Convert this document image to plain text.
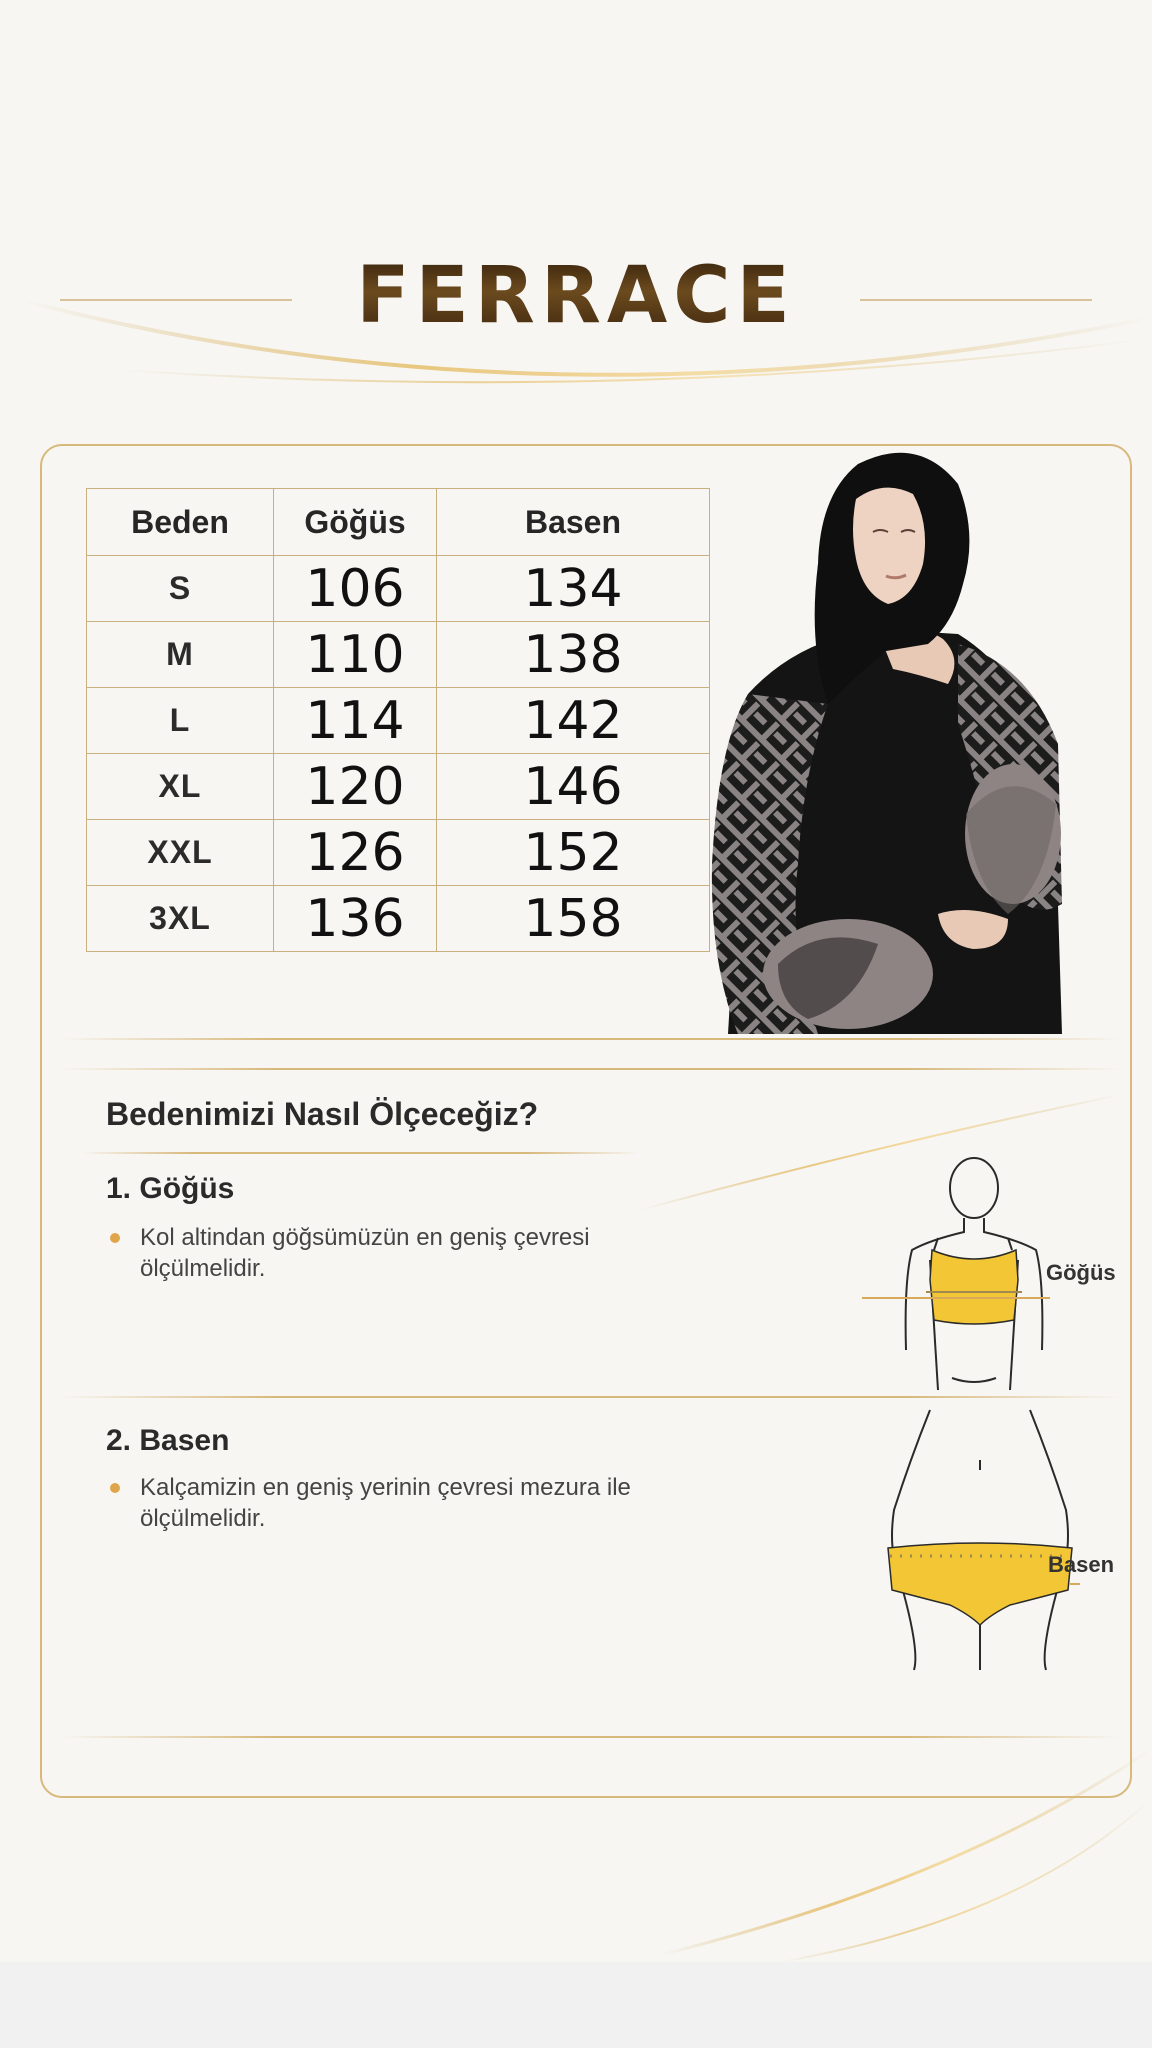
FERRACE
Beden	Göğüs	Basen
S	106	134
M	110	138
L	114	142
XL	120	146
XXL	126	152
3XL	136	158
Bedenimizi Nasıl Ölçeceğiz?
1. Göğüs
Kol altindan göğsümüzün en geniş çevresi
ölçülmelidir.
2. Basen
Kalçamizin en geniş yerinin çevresi mezura ile
ölçülmelidir.
Göğüs
Basen
